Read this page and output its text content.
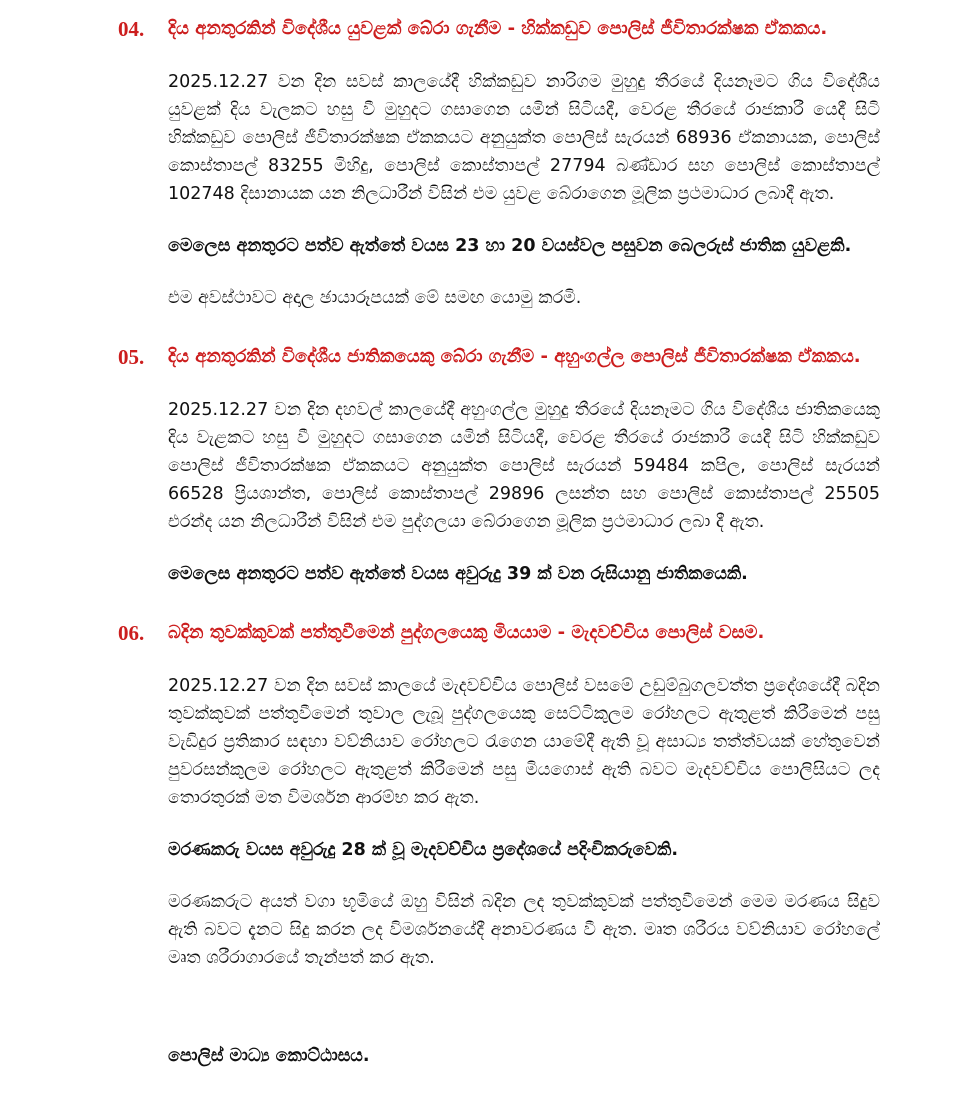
04.	දිය අනතුරකින් විදේශීය යුවළක් බේරා ගැනීම - හික්කඩුව පොලිස් ජීවිතාරක්ෂක ඒකකය.

2025.12.27 වන දින සවස් කාලයේදී හික්කඩුව නාරිගම මුහුදු තීරයේ දියනෑමට ගිය විදේශීය යුවළක් දිය වැලකට හසු වී මුහුදට ගසාගෙන යමින් සිටියදී, වෙරළ තීරයේ රාජකාරී යෙදී සිටි හික්කඩුව පොලිස් ජීවිතාරක්ෂක ඒකකයට අනුයුක්ත පොලිස් සැරයන් 68936 ඒකනායක, පොලිස් කොස්තාපල් 83255 මිහිදු, පොලිස් කොස්තාපල් 27794 බණ්ඩාර සහ පොලිස් කොස්තාපල් 102748 දිසානායක යන නිලධාරීන් විසින් එම යුවළ බේරාගෙන මූලික ප්‍රථමාධාර ලබාදී ඇත.

මෙලෙස අනතුරට පත්ව ඇත්තේ වයස 23 හා 20 වයස්වල පසුවන බෙලරුස් ජාතික යුවළකි.

එම අවස්ථාවට අදාල ඡායාරූපයක් මේ සමඟ යොමු කරමි.

05.	දිය අනතුරකින් විදේශීය ජාතිකයෙකු බේරා ගැනීම - අහුංගල්ල පොලිස් ජීවිතාරක්ෂක ඒකකය.

2025.12.27 වන දින දහවල් කාලයේදී අහුංගල්ල මුහුදු තීරයේ දියනෑමට ගිය විදේශීය ජාතිකයෙකු දිය වැළකට හසු වී මුහුදට ගසාගෙන යමින් සිටියදී, වෙරළ තීරයේ රාජකාරී යෙදී සිටි හික්කඩුව පොලිස් ජීවිතාරක්ෂක ඒකකයට අනුයුක්ත පොලිස් සැරයන් 59484 කපිල, පොලිස් සැරයන් 66528 ප්‍රියශාන්ත, පොලිස් කොස්තාපල් 29896 ලසන්ත සහ පොලිස් කොස්තාපල් 25505 එරන්ද යන නිලධාරීන් විසින් එම පුද්ගලයා බේරාගෙන මූලික ප්‍රථමාධාර ලබා දී ඇත.

මෙලෙස අනතුරට පත්ව ඇත්තේ වයස අවුරුදු 39 ක් වන රුසියානු ජාතිකයෙකි.

06.	බදින තුවක්කුවක් පත්තුවීමෙන් පුද්ගලයෙකු මියයාම - මැදවච්චිය පොලිස් වසම.

2025.12.27 වන දින සවස් කාලයේ මැදවච්චිය පොලිස් වසමේ උඩුම්බුගලවත්ත ප්‍රදේශයේදී බදින තුවක්කුවක් පත්තුවීමෙන් තුවාල ලැබූ පුද්ගලයෙකු සෙට්ටිකුලම රෝහලට ඇතුළත් කිරීමෙන් පසු වැඩිදුර ප්‍රතිකාර සඳහා වව්නියාව රෝහලට රැගෙන යාමේදී ඇති වූ අසාධ්‍ය තත්ත්වයක් හේතුවෙන් පුවරසන්කුලම රෝහලට ඇතුළත් කිරීමෙන් පසු මියගොස් ඇති බවට මැදවච්චිය පොලිසියට ලද තොරතුරක් මත විමර්ශන ආරම්භ කර ඇත.

මරණකරු වයස අවුරුදු 28 ක් වූ මැදවච්චිය ප්‍රදේශයේ පදිංචිකරුවෙකි.

මරණකරුට අයත් වගා භූමියේ ඔහු විසින් බදින ලද තුවක්කුවක් පත්තුවීමෙන් මෙම මරණය සිදුව ඇති බවට දැනට සිදු කරන ලද විමර්ශනයේදී අනාවරණය වී ඇත. මෘත ශරීරය වව්නියාව රෝහලේ මෘත ශරීරාගාරයේ තැන්පත් කර ඇත.

පොලිස් මාධ්‍ය කොට්ඨාසය.
